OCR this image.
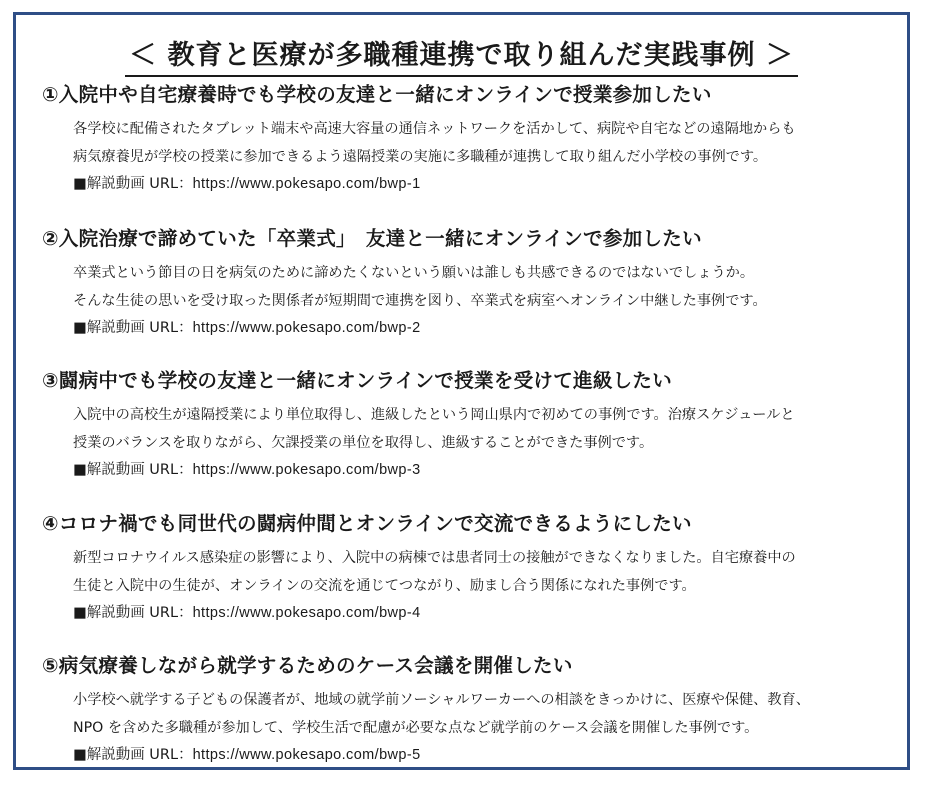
＜ 教育と医療が多職種連携で取り組んだ実践事例 ＞
①入院中や自宅療養時でも学校の友達と一緒にオンラインで授業参加したい
各学校に配備されたタブレット端末や高速大容量の通信ネットワークを活かして、病院や自宅などの遠隔地からも
病気療養児が学校の授業に参加できるよう遠隔授業の実施に多職種が連携して取り組んだ小学校の事例です。
■解説動画 URL：https://www.pokesapo.com/bwp-1
②入院治療で諦めていた「卒業式」　友達と一緒にオンラインで参加したい
卒業式という節目の日を病気のために諦めたくないという願いは誰しも共感できるのではないでしょうか。
そんな生徒の思いを受け取った関係者が短期間で連携を図り、卒業式を病室へオンライン中継した事例です。
■解説動画 URL：https://www.pokesapo.com/bwp-2
③闘病中でも学校の友達と一緒にオンラインで授業を受けて進級したい
入院中の高校生が遠隔授業により単位取得し、進級したという岡山県内で初めての事例です。治療スケジュールと
授業のバランスを取りながら、欠課授業の単位を取得し、進級することができた事例です。
■解説動画 URL：https://www.pokesapo.com/bwp-3
④コロナ禍でも同世代の闘病仲間とオンラインで交流できるようにしたい
新型コロナウイルス感染症の影響により、入院中の病棟では患者同士の接触ができなくなりました。自宅療養中の
生徒と入院中の生徒が、オンラインの交流を通じてつながり、励まし合う関係になれた事例です。
■解説動画 URL：https://www.pokesapo.com/bwp-4
⑤病気療養しながら就学するためのケース会議を開催したい
小学校へ就学する子どもの保護者が、地域の就学前ソーシャルワーカーへの相談をきっかけに、医療や保健、教育、
NPO を含めた多職種が参加して、学校生活で配慮が必要な点など就学前のケース会議を開催した事例です。
■解説動画 URL：https://www.pokesapo.com/bwp-5
